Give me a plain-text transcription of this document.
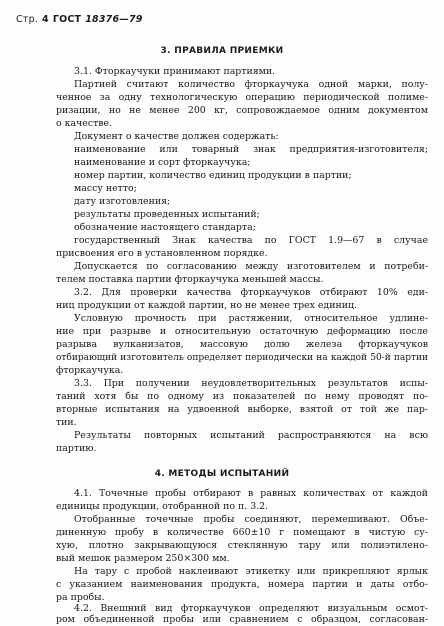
Стр. 4 ГОСТ 18376—79
3. ПРАВИЛА ПРИЕМКИ
3.1. Фторкаучуки принимают партиями.
Партией считают количество фторкаучука одной марки, полу-
ченное за одну технологическую операцию периодической полиме-
ризации, но не менее 200 кг, сопровождаемое одним документом
о качестве.
Документ о качестве должен содержать:
наименование или товарный знак предприятия-изготовителя;
наименование и сорт фторкаучука;
номер партии, количество единиц продукции в партии;
массу нетто;
дату изготовления;
результаты проведенных испытаний;
обозначение настоящего стандарта;
государственный Знак качества по ГОСТ 1.9—67 в случае
присвоения его в установленном порядке.
Допускается по согласованию между изготовителем и потреби-
телем поставка партии фторкаучука меньшей массы.
3.2. Для проверки качества фторкаучуков отбирают 10% еди-
ниц продукции от каждой партии, но не менее трех единиц.
Условную прочность при растяжении, относительное удлине-
ние при разрыве и относительную остаточную деформацию после
разрыва вулканизатов, массовую долю железа фторкаучуков
отбирающий изготовитель определяет периодически на каждой 50-й партии
фторкаучука.
3.3. При получении неудовлетворительных результатов испы-
таний хотя бы по одному из показателей по нему проводят по-
вторные испытания на удвоенной выборке, взятой от той же пар-
тии.
Результаты повторных испытаний распространяются на всю
партию.
4. МЕТОДЫ ИСПЫТАНИЙ
4.1. Точечные пробы отбирают в равных количествах от каждой
единицы продукции, отобранной по п. 3.2.
Отобранные точечные пробы соединяют, перемешивают. Объе-
диненную пробу в количестве 660±10 г помещают в чистую су-
хую, плотно закрывающуюся стеклянную тару или полиэтилено-
вый мешок размером 250×300 мм.
На тару с пробой наклеивают этикетку или прикрепляют ярлык
с указанием наименования продукта, номера партии и даты отбо-
ра пробы.
4.2. Внешний вид фторкаучуков определяют визуальным осмот-
ром объединенной пробы или сравнением с образцом, согласован-
